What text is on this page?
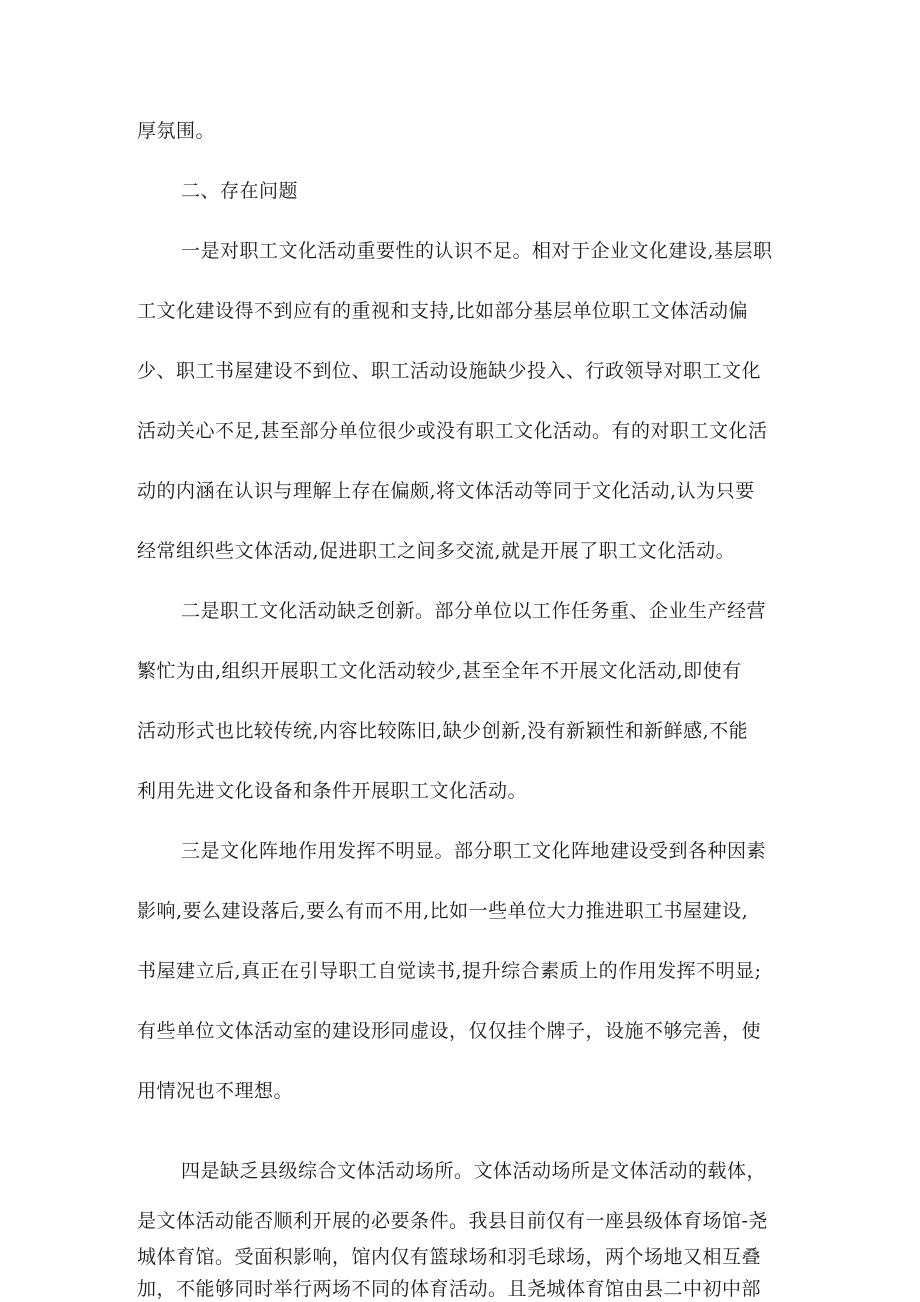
厚氛围。
二、存在问题
一是对职工文化活动重要性的认识不足。相对于企业文化建设,基层职
工文化建设得不到应有的重视和支持,比如部分基层单位职工文体活动偏
少、职工书屋建设不到位、职工活动设施缺少投入、行政领导对职工文化
活动关心不足,甚至部分单位很少或没有职工文化活动。有的对职工文化活
动的内涵在认识与理解上存在偏颇,将文体活动等同于文化活动,认为只要
经常组织些文体活动,促进职工之间多交流,就是开展了职工文化活动。
二是职工文化活动缺乏创新。部分单位以工作任务重、企业生产经营
繁忙为由,组织开展职工文化活动较少,甚至全年不开展文化活动,即使有
活动形式也比较传统,内容比较陈旧,缺少创新,没有新颖性和新鲜感,不能
利用先进文化设备和条件开展职工文化活动。
三是文化阵地作用发挥不明显。部分职工文化阵地建设受到各种因素
影响,要么建设落后,要么有而不用,比如一些单位大力推进职工书屋建设,
书屋建立后,真正在引导职工自觉读书,提升综合素质上的作用发挥不明显;
有些单位文体活动室的建设形同虚设，仅仅挂个牌子，设施不够完善，使
用情况也不理想。
四是缺乏县级综合文体活动场所。文体活动场所是文体活动的载体，
是文体活动能否顺利开展的必要条件。我县目前仅有一座县级体育场馆-尧
城体育馆。受面积影响，馆内仅有篮球场和羽毛球场，两个场地又相互叠
加，不能够同时举行两场不同的体育活动。且尧城体育馆由县二中初中部
